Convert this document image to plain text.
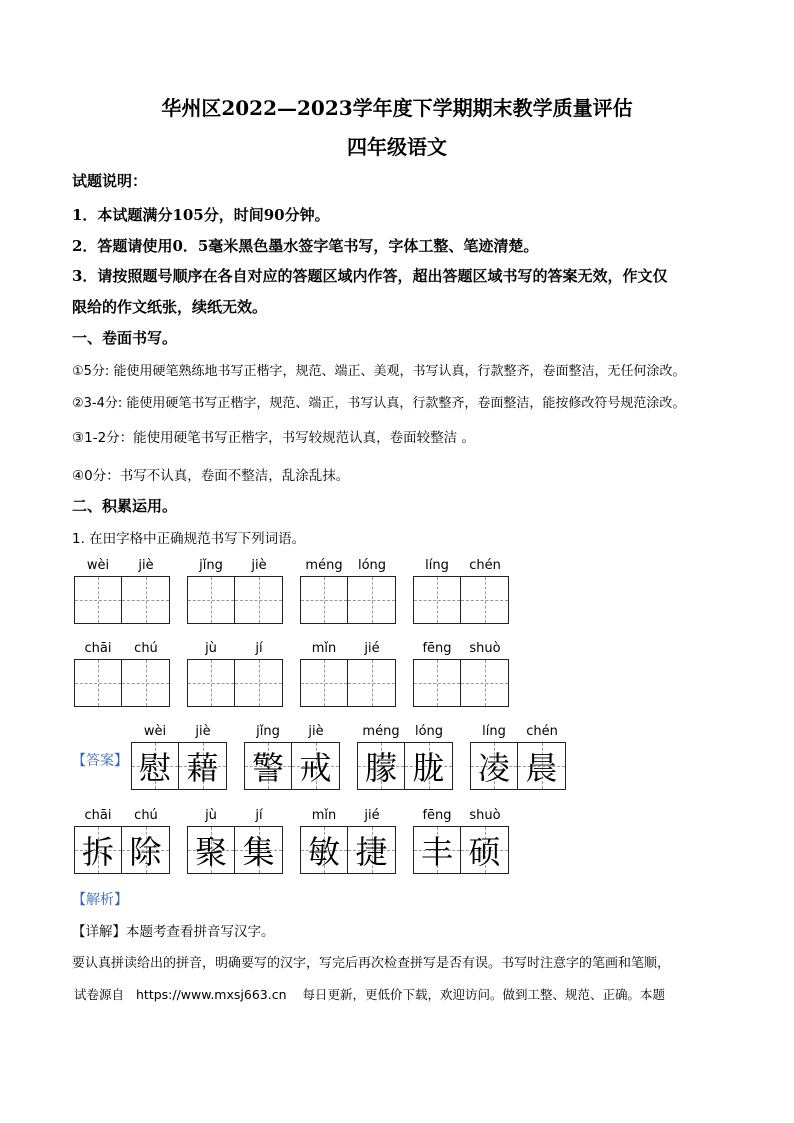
华州区2022—2023学年度下学期期末教学质量评估
四年级语文
试题说明：
1．本试题满分105分，时间90分钟。
2．答题请使用0．5毫米黑色墨水签字笔书写，字体工整、笔迹清楚。
3．请按照题号顺序在各自对应的答题区域内作答，超出答题区域书写的答案无效，作文仅
限给的作文纸张，续纸无效。
一、卷面书写。
①5分: 能使用硬笔熟练地书写正楷字，规范、端正、美观，书写认真，行款整齐，卷面整洁，无任何涂改。
②3-4分: 能使用硬笔书写正楷字，规范、端正，书写认真，行款整齐，卷面整洁，能按修改符号规范涂改。
③1-2分：能使用硬笔书写正楷字，书写较规范认真，卷面较整洁 。
④0分：书写不认真，卷面不整洁，乱涂乱抹。
二、积累运用。
1. 在田字格中正确规范书写下列词语。
wèi	jiè	jǐng	jiè	méng	lóng	líng	chén
chāi	chú	jù	jí	mǐn	jié	fēng	shuò
【答案】
wèi	jiè
慰 藉
jǐng	jiè
警 戒
méng	lóng
朦 胧
líng	chén
凌 晨
chāi	chú
拆 除
jù	jí
聚 集
mǐn	jié
敏 捷
fēng	shuò
丰 硕
【解析】
【详解】本题考查看拼音写汉字。
要认真拼读给出的拼音，明确要写的汉字，写完后再次检查拼写是否有误。书写时注意字的笔画和笔顺，
试卷源自 https://www.mxsj663.cn 每日更新，更低价下载，欢迎访问。做到工整、规范、正确。本题
